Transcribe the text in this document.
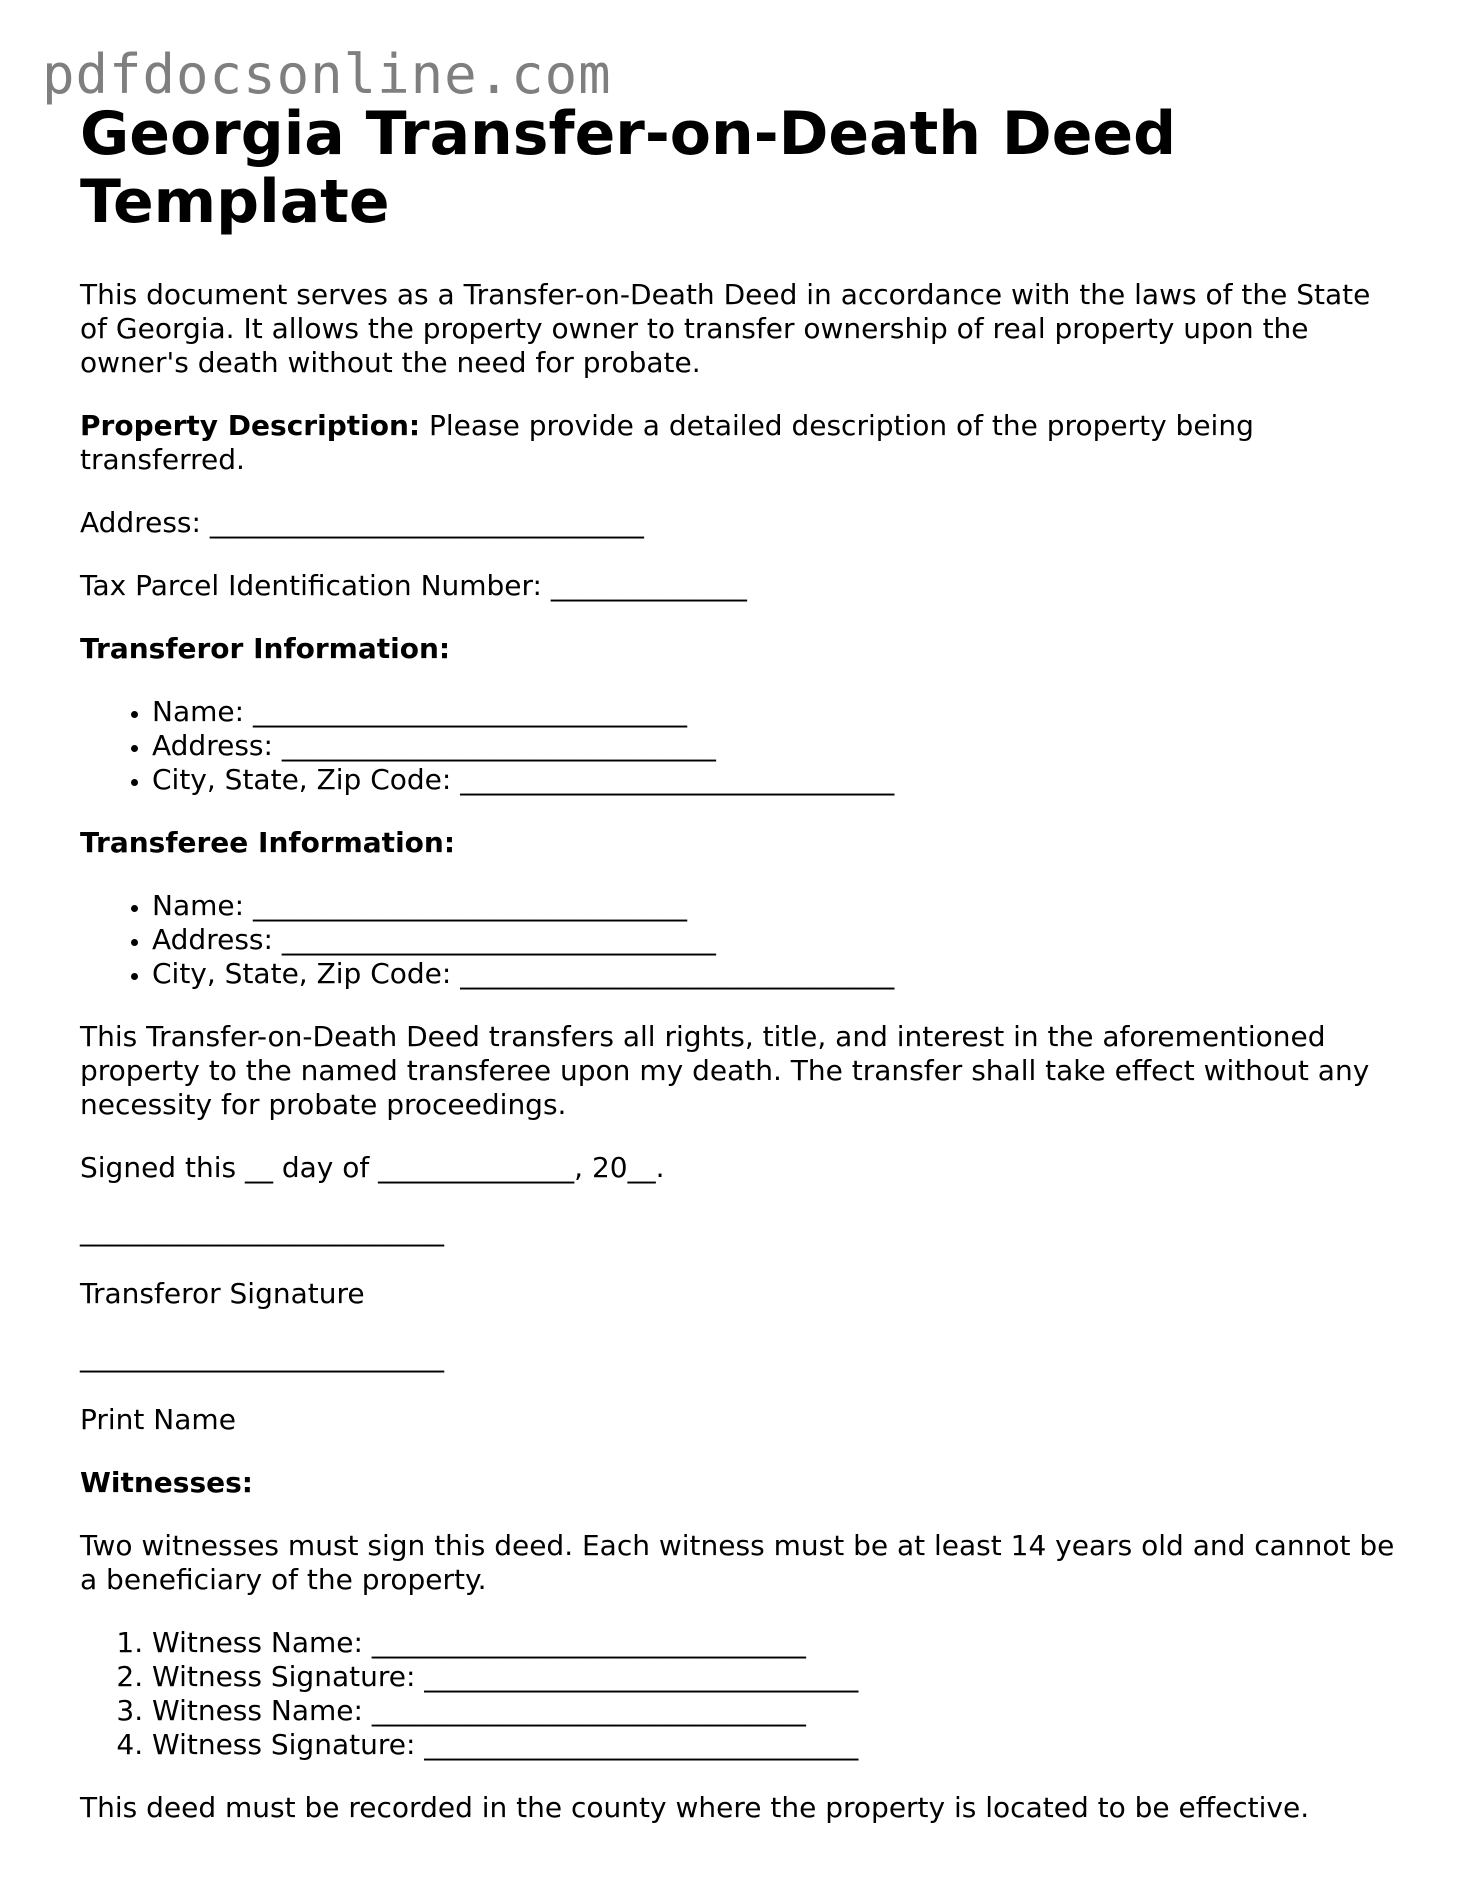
pdfdocsonline.com
Georgia Transfer-on-Death Deed Template

This document serves as a Transfer-on-Death Deed in accordance with the laws of the State of Georgia. It allows the property owner to transfer ownership of real property upon the owner's death without the need for probate.

Property Description: Please provide a detailed description of the property being transferred.

Address: _______________________________

Tax Parcel Identification Number: ______________

Transferor Information:

• Name: _______________________________
• Address: _______________________________
• City, State, Zip Code: _______________________________

Transferee Information:

• Name: _______________________________
• Address: _______________________________
• City, State, Zip Code: _______________________________

This Transfer-on-Death Deed transfers all rights, title, and interest in the aforementioned property to the named transferee upon my death. The transfer shall take effect without any necessity for probate proceedings.

Signed this __ day of ______________, 20__.

__________________________

Transferor Signature

__________________________

Print Name

Witnesses:

Two witnesses must sign this deed. Each witness must be at least 14 years old and cannot be a beneficiary of the property.

1. Witness Name: _______________________________
2. Witness Signature: _______________________________
3. Witness Name: _______________________________
4. Witness Signature: _______________________________

This deed must be recorded in the county where the property is located to be effective.
